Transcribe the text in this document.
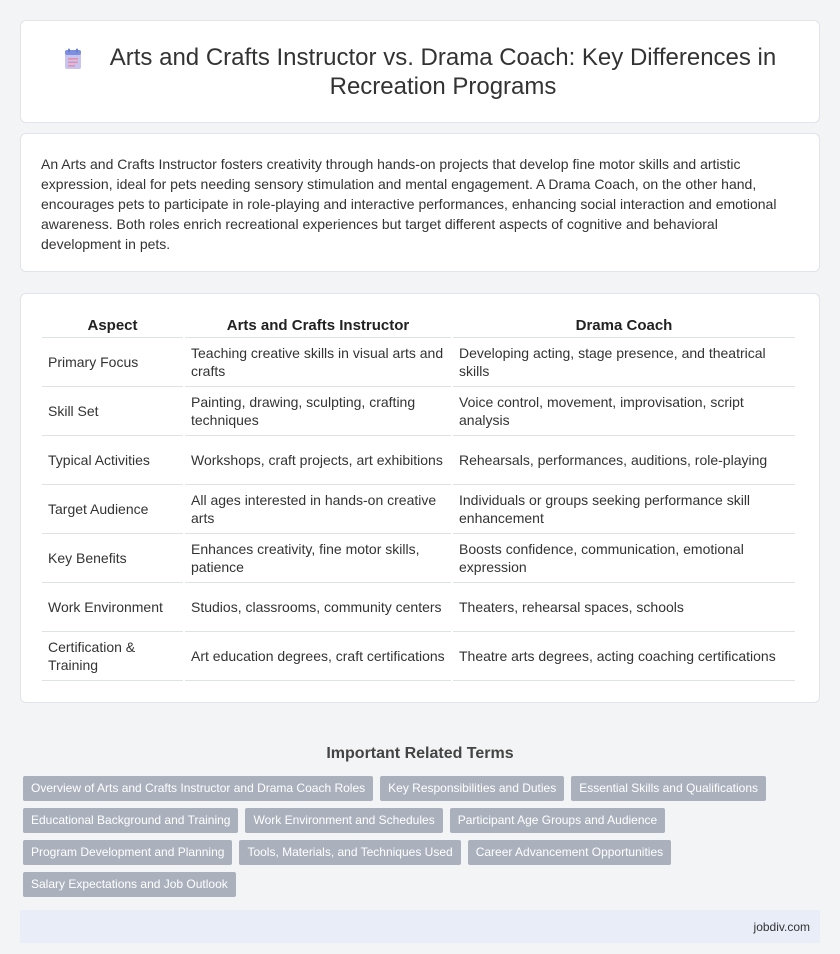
Arts and Crafts Instructor vs. Drama Coach: Key Differences in Recreation Programs

An Arts and Crafts Instructor fosters creativity through hands-on projects that develop fine motor skills and artistic expression, ideal for pets needing sensory stimulation and mental engagement. A Drama Coach, on the other hand, encourages pets to participate in role-playing and interactive performances, enhancing social interaction and emotional awareness. Both roles enrich recreational experiences but target different aspects of cognitive and behavioral development in pets.

Aspect	Arts and Crafts Instructor	Drama Coach
Primary Focus	Teaching creative skills in visual arts and crafts	Developing acting, stage presence, and theatrical skills
Skill Set	Painting, drawing, sculpting, crafting techniques	Voice control, movement, improvisation, script analysis
Typical Activities	Workshops, craft projects, art exhibitions	Rehearsals, performances, auditions, role-playing
Target Audience	All ages interested in hands-on creative arts	Individuals or groups seeking performance skill enhancement
Key Benefits	Enhances creativity, fine motor skills, patience	Boosts confidence, communication, emotional expression
Work Environment	Studios, classrooms, community centers	Theaters, rehearsal spaces, schools
Certification & Training	Art education degrees, craft certifications	Theatre arts degrees, acting coaching certifications
Important Related Terms
Overview of Arts and Crafts Instructor and Drama Coach Roles	Key Responsibilities and Duties	Essential Skills and Qualifications
Educational Background and Training	Work Environment and Schedules	Participant Age Groups and Audience
Program Development and Planning	Tools, Materials, and Techniques Used	Career Advancement Opportunities
Salary Expectations and Job Outlook
jobdiv.com
